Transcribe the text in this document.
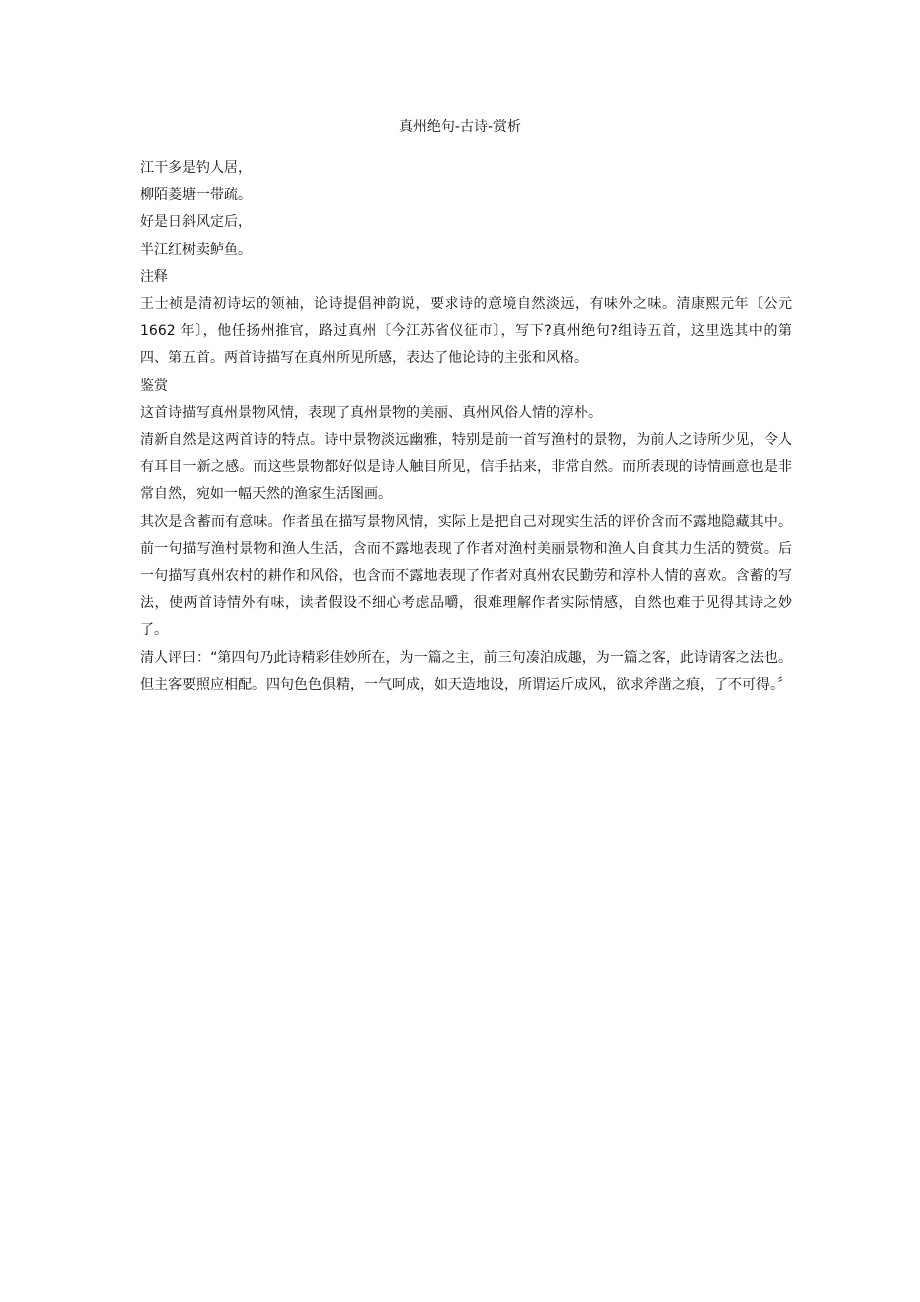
真州绝句-古诗-赏析

江干多是钓人居，

柳陌菱塘一带疏。

好是日斜风定后，

半江红树卖鲈鱼。

注释

王士祯是清初诗坛的领袖，论诗提倡神韵说，要求诗的意境自然淡远，有味外之味。清康熙元年〔公元 1662 年〕，他任扬州推官，路过真州〔今江苏省仪征市〕，写下?真州绝句?组诗五首，这里选其中的第四、第五首。两首诗描写在真州所见所感，表达了他论诗的主张和风格。

鉴赏

这首诗描写真州景物风情，表现了真州景物的美丽、真州风俗人情的淳朴。

清新自然是这两首诗的特点。诗中景物淡远幽雅，特别是前一首写渔村的景物，为前人之诗所少见，令人有耳目一新之感。而这些景物都好似是诗人触目所见，信手拈来，非常自然。而所表现的诗情画意也是非常自然，宛如一幅天然的渔家生活图画。

其次是含蓄而有意味。作者虽在描写景物风情，实际上是把自己对现实生活的评价含而不露地隐藏其中。前一句描写渔村景物和渔人生活，含而不露地表现了作者对渔村美丽景物和渔人自食其力生活的赞赏。后一句描写真州农村的耕作和风俗，也含而不露地表现了作者对真州农民勤劳和淳朴人情的喜欢。含蓄的写法，使两首诗情外有味，读者假设不细心考虑品嚼，很难理解作者实际情感，自然也难于见得其诗之妙了。

清人评曰：“第四句乃此诗精彩佳妙所在，为一篇之主，前三句凑泊成趣，为一篇之客，此诗请客之法也。但主客要照应相配。四句色色俱精，一气呵成，如天造地设，所谓运斤成风，欲求斧凿之痕，了不可得。〞
